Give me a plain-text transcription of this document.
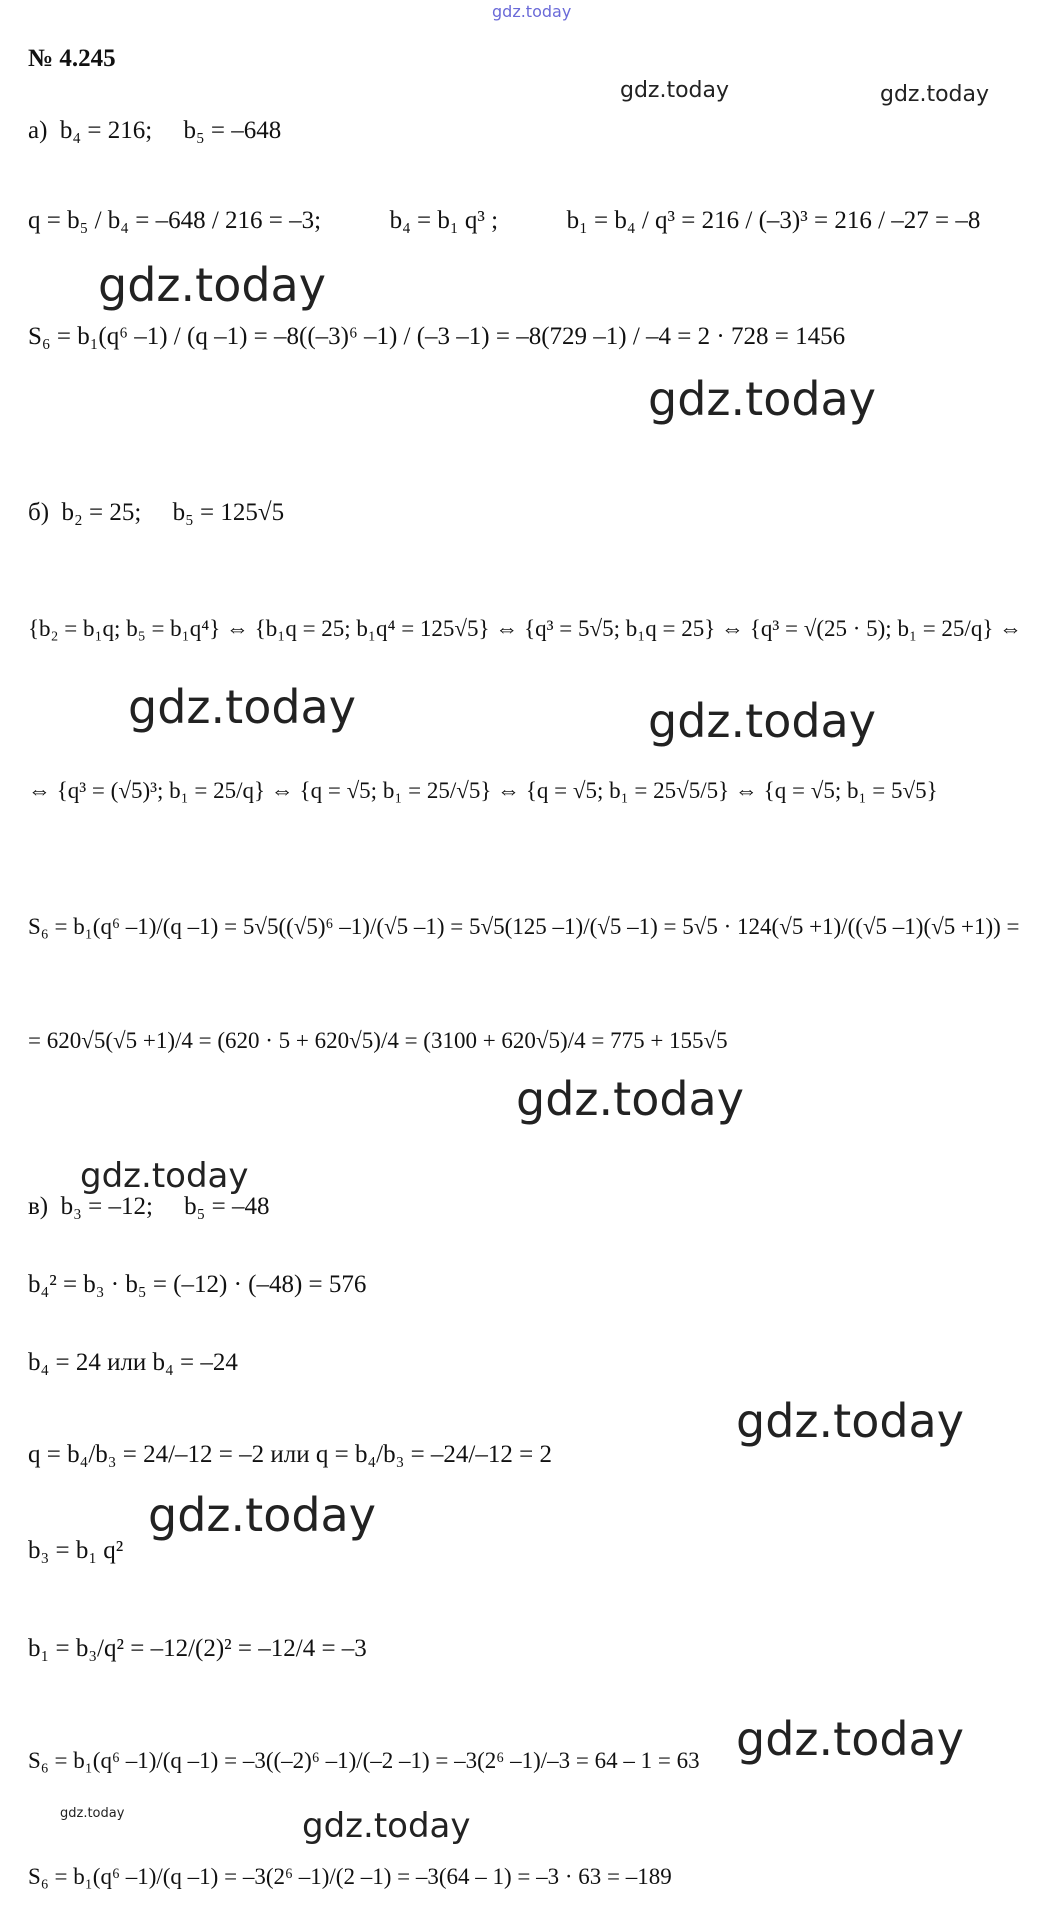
gdz.today
gdz.today	gdz.today
gdz.today
gdz.today
gdz.today	gdz.today
gdz.today
gdz.today
gdz.today
gdz.today
gdz.today
gdz.today	gdz.today
№ 4.245
а) b₄ = 216; b₅ = –648
q = b₅ / b₄ = –648 / 216 = –3;	b₄ = b₁ q³ ;	b₁ = b₄ / q³ = 216 / (–3)³ = 216 / –27 = –8
S₆ = b₁(q⁶ –1) / (q –1) = –8((–3)⁶ –1) / (–3 –1) = –8(729 –1) / –4 = 2 · 728 = 1456
б) b₂ = 25; b₅ = 125√5
{b₂ = b₁q; b₅ = b₁q⁴} ⇔ {b₁q = 25; b₁q⁴ = 125√5} ⇔ {q³ = 5√5; b₁q = 25} ⇔ {q³ = √(25 · 5); b₁ = 25/q} ⇔
⇔ {q³ = (√5)³; b₁ = 25/q} ⇔ {q = √5; b₁ = 25/√5} ⇔ {q = √5; b₁ = 25√5/5} ⇔ {q = √5; b₁ = 5√5}
S₆ = b₁(q⁶ –1)/(q –1) = 5√5((√5)⁶ –1)/(√5 –1) = 5√5(125 –1)/(√5 –1) = 5√5 · 124(√5 +1)/((√5 –1)(√5 +1)) =
= 620√5(√5 +1)/4 = (620 · 5 + 620√5)/4 = (3100 + 620√5)/4 = 775 + 155√5
в) b₃ = –12; b₅ = –48
b₄² = b₃ · b₅ = (–12) · (–48) = 576
b₄ = 24 или b₄ = –24
q = b₄/b₃ = 24/–12 = –2 или q = b₄/b₃ = –24/–12 = 2
b₃ = b₁ q²
b₁ = b₃/q² = –12/(2)² = –12/4 = –3
S₆ = b₁(q⁶ –1)/(q –1) = –3((–2)⁶ –1)/(–2 –1) = –3(2⁶ –1)/–3 = 64 – 1 = 63
S₆ = b₁(q⁶ –1)/(q –1) = –3(2⁶ –1)/(2 –1) = –3(64 – 1) = –3 · 63 = –189
